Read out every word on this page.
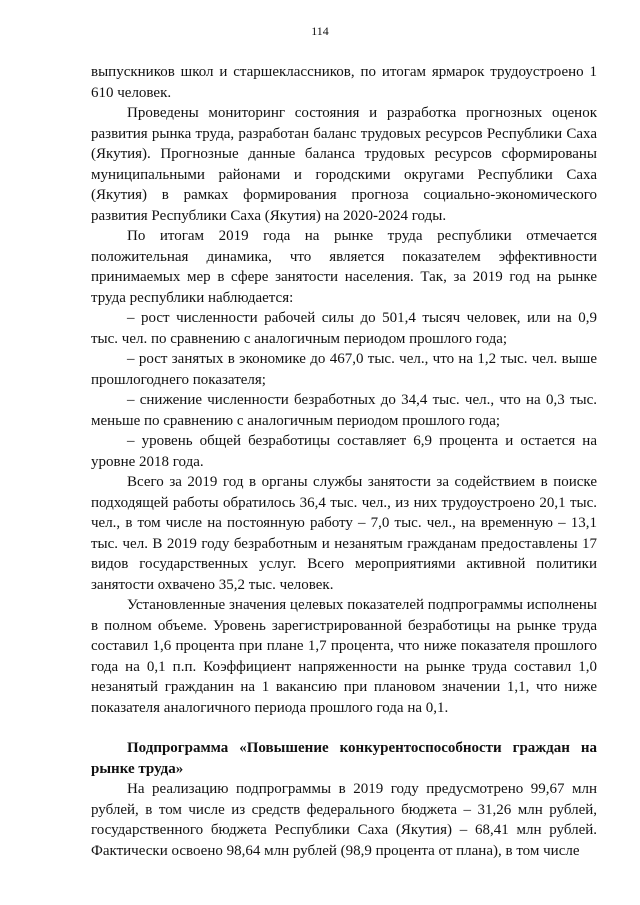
114

выпускников школ и старшеклассников, по итогам ярмарок трудоустроено 1 610 человек.

Проведены мониторинг состояния и разработка прогнозных оценок развития рынка труда, разработан баланс трудовых ресурсов Республики Саха (Якутия). Прогнозные данные баланса трудовых ресурсов сформированы муниципальными районами и городскими округами Республики Саха (Якутия) в рамках формирования прогноза социально-экономического развития Республики Саха (Якутия) на 2020-2024 годы.

По итогам 2019 года на рынке труда республики отмечается положительная динамика, что является показателем эффективности принимаемых мер в сфере занятости населения. Так, за 2019 год на рынке труда республики наблюдается:

– рост численности рабочей силы до 501,4 тысяч человек, или на 0,9 тыс. чел. по сравнению с аналогичным периодом прошлого года;

– рост занятых в экономике до 467,0 тыс. чел., что на 1,2 тыс. чел. выше прошлогоднего показателя;

– снижение численности безработных до 34,4 тыс. чел., что на 0,3 тыс. меньше по сравнению с аналогичным периодом прошлого года;

– уровень общей безработицы составляет 6,9 процента и остается на уровне 2018 года.

Всего за 2019 год в органы службы занятости за содействием в поиске подходящей работы обратилось 36,4 тыс. чел., из них трудоустроено 20,1 тыс. чел., в том числе на постоянную работу – 7,0 тыс. чел., на временную – 13,1 тыс. чел. В 2019 году безработным и незанятым гражданам предоставлены 17 видов государственных услуг. Всего мероприятиями активной политики занятости охвачено 35,2 тыс. человек.

Установленные значения целевых показателей подпрограммы исполнены в полном объеме. Уровень зарегистрированной безработицы на рынке труда составил 1,6 процента при плане 1,7 процента, что ниже показателя прошлого года на 0,1 п.п. Коэффициент напряженности на рынке труда составил 1,0 незанятый гражданин на 1 вакансию при плановом значении 1,1, что ниже показателя аналогичного периода прошлого года на 0,1.

Подпрограмма «Повышение конкурентоспособности граждан на рынке труда»

На реализацию подпрограммы в 2019 году предусмотрено 99,67 млн рублей, в том числе из средств федерального бюджета – 31,26 млн рублей, государственного бюджета Республики Саха (Якутия) – 68,41 млн рублей. Фактически освоено 98,64 млн рублей (98,9 процента от плана), в том числе
